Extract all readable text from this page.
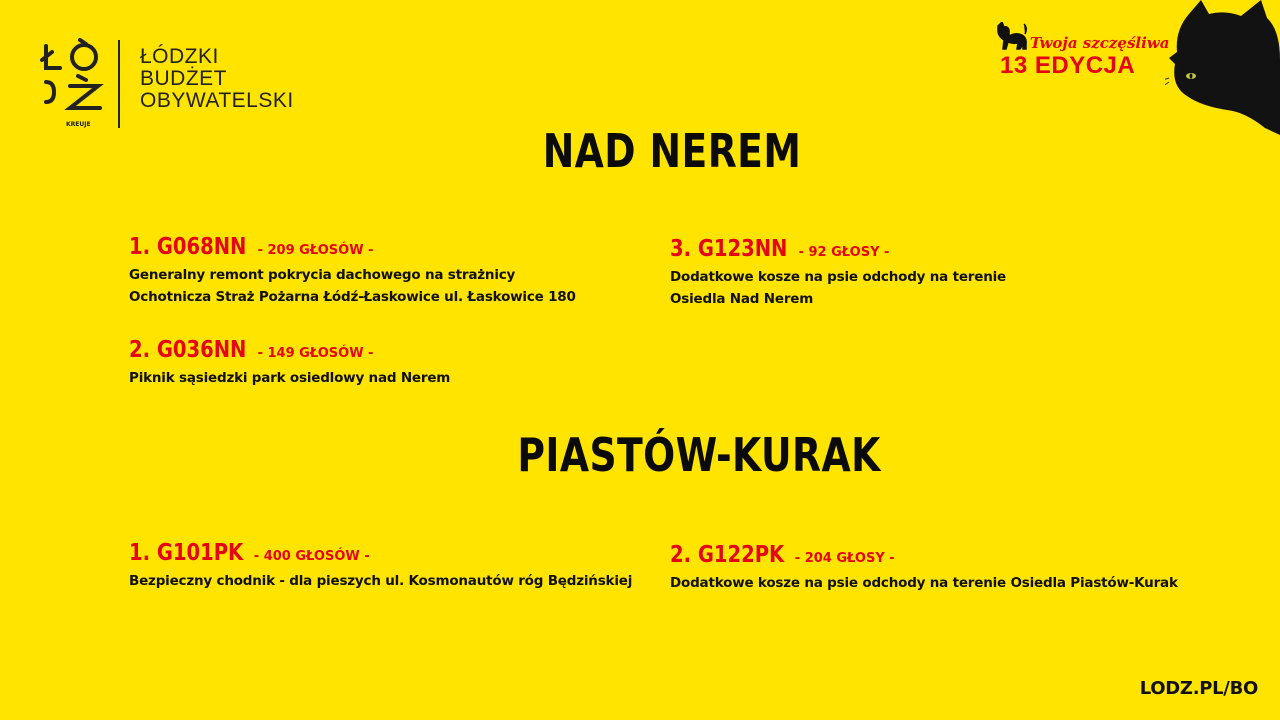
KREUJE
ŁÓDZKI
BUDŻET
OBYWATELSKI
Twoja szczęśliwa
13 EDYCJA
NAD NEREM
1. G068NN - 209 GŁOSÓW -
Generalny remont pokrycia dachowego na strażnicy
Ochotnicza Straż Pożarna Łódź-Łaskowice ul. Łaskowice 180
2. G036NN - 149 GŁOSÓW -
Piknik sąsiedzki park osiedlowy nad Nerem
3. G123NN - 92 GŁOSY -
Dodatkowe kosze na psie odchody na terenie
Osiedla Nad Nerem
PIASTÓW-KURAK
1. G101PK - 400 GŁOSÓW -
Bezpieczny chodnik - dla pieszych ul. Kosmonautów róg Będzińskiej
2. G122PK - 204 GŁOSY -
Dodatkowe kosze na psie odchody na terenie Osiedla Piastów-Kurak
LODZ.PL/BO
